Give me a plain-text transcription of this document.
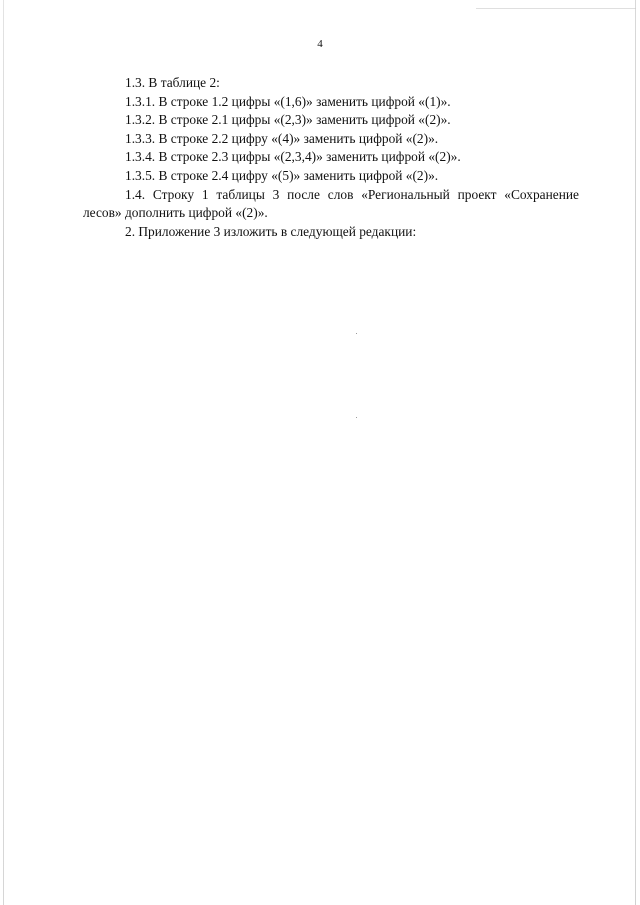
4

1.3. В таблице 2:

1.3.1. В строке 1.2 цифры «(1,6)» заменить цифрой «(1)».

1.3.2. В строке 2.1 цифры «(2,3)» заменить цифрой «(2)».

1.3.3. В строке 2.2 цифру «(4)» заменить цифрой «(2)».

1.3.4. В строке 2.3 цифры «(2,3,4)» заменить цифрой «(2)».

1.3.5. В строке 2.4 цифру «(5)» заменить цифрой «(2)».

1.4. Строку 1 таблицы 3 после слов «Региональный проект «Сохранение лесов» дополнить цифрой «(2)».

2. Приложение 3 изложить в следующей редакции:
